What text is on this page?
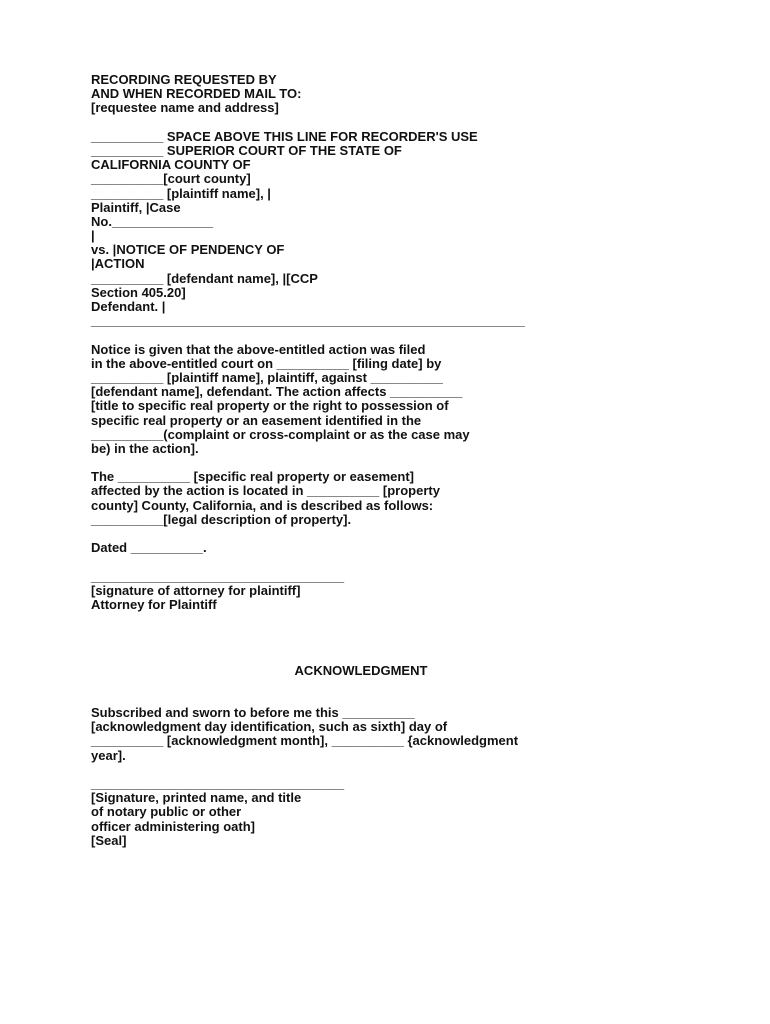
RECORDING REQUESTED BY
AND WHEN RECORDED MAIL TO:
[requestee name and address]
__________ SPACE ABOVE THIS LINE FOR RECORDER'S USE
__________ SUPERIOR COURT OF THE STATE OF
CALIFORNIA COUNTY OF
__________[court county]
__________ [plaintiff name], |
Plaintiff, |Case
No.______________
|
vs. |NOTICE OF PENDENCY OF
|ACTION
__________ [defendant name], |[CCP
Section 405.20]
Defendant. |
____________________________________________________________
Notice is given that the above-entitled action was filed
in the above-entitled court on __________ [filing date] by
__________ [plaintiff name], plaintiff, against __________
[defendant name], defendant. The action affects __________
[title to specific real property or the right to possession of
specific real property or an easement identified in the
__________(complaint or cross-complaint or as the case may
be) in the action].
The __________ [specific real property or easement]
affected by the action is located in __________ [property
county] County, California, and is described as follows:
__________[legal description of property].
Dated __________.
___________________________________
[signature of attorney for plaintiff]
Attorney for Plaintiff
ACKNOWLEDGMENT
Subscribed and sworn to before me this __________
[acknowledgment day identification, such as sixth] day of
__________ [acknowledgment month], __________ {acknowledgment
year].
___________________________________
[Signature, printed name, and title
of notary public or other
officer administering oath]
[Seal]
